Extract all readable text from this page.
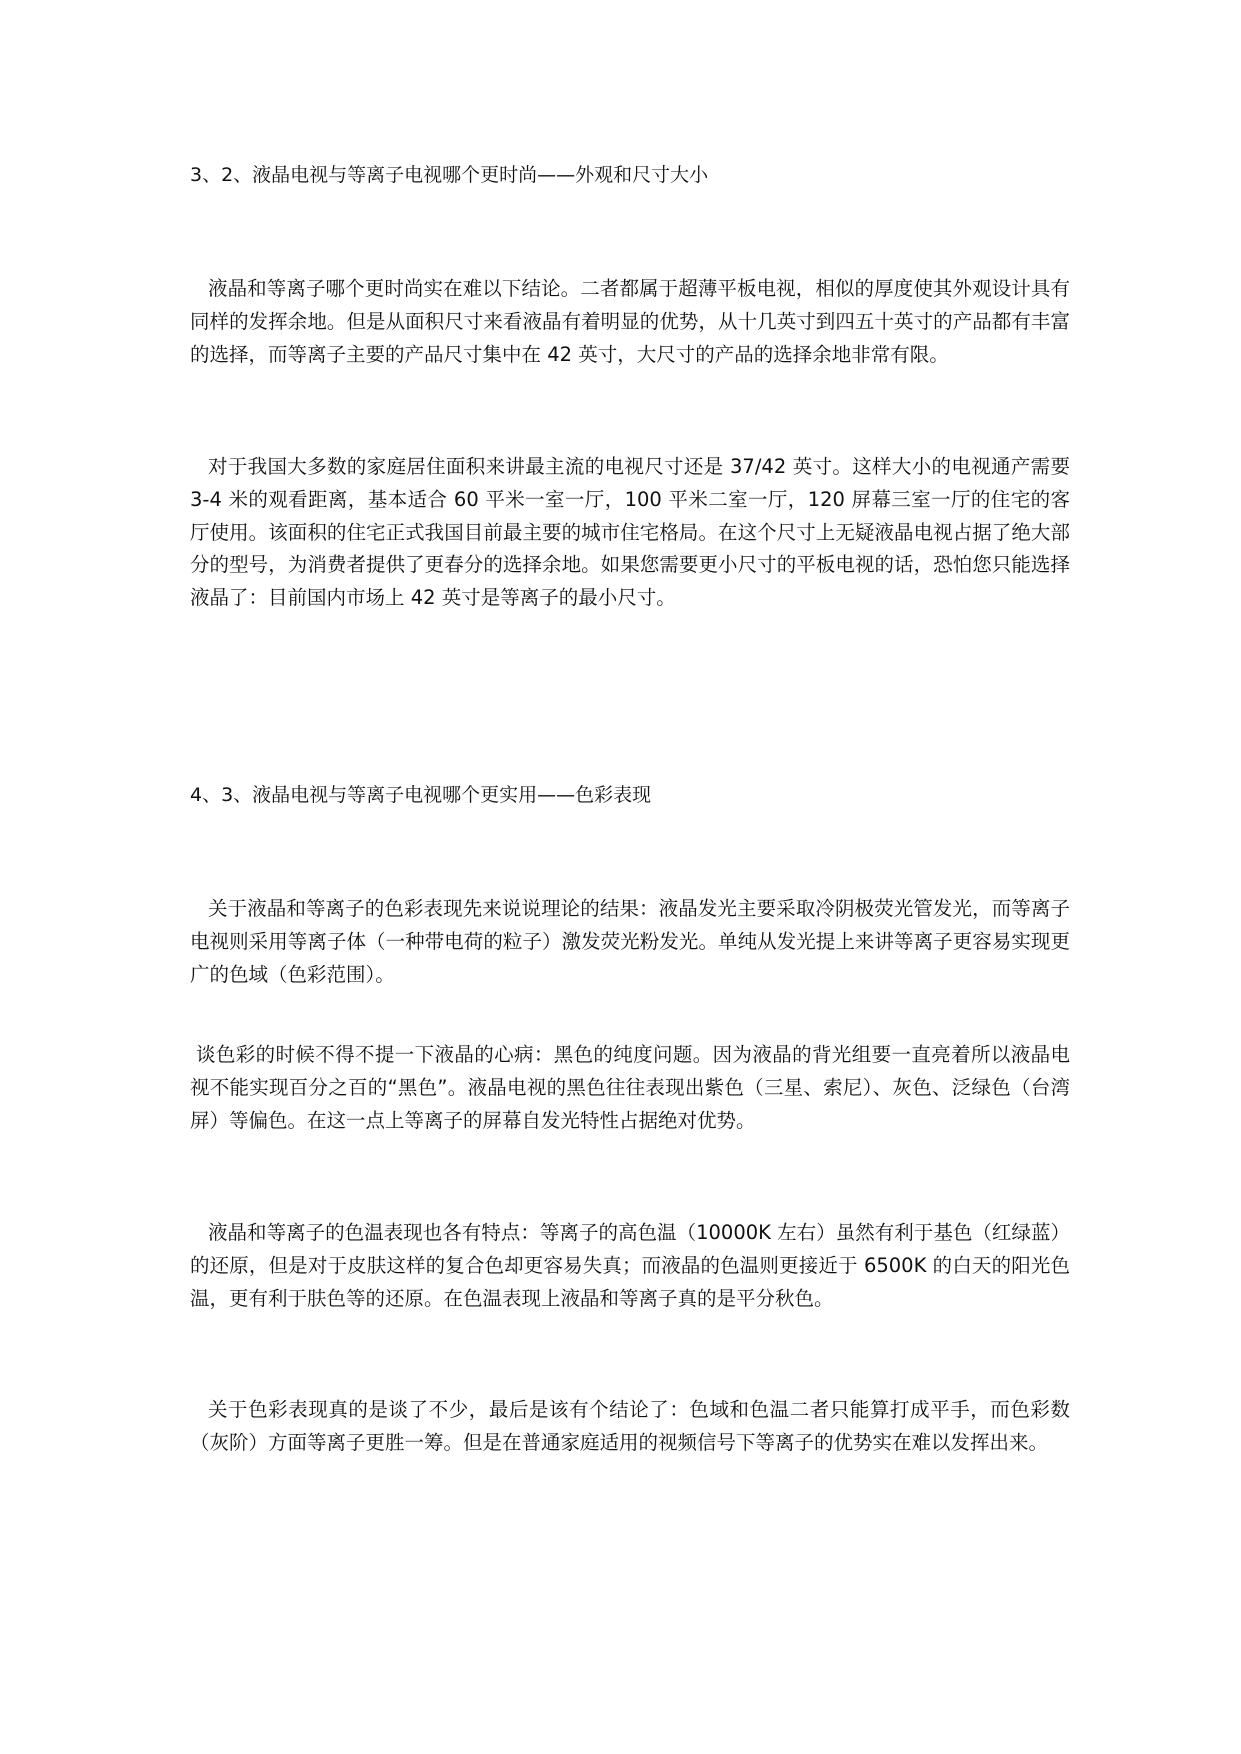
3、2、液晶电视与等离子电视哪个更时尚——外观和尺寸大小

液晶和等离子哪个更时尚实在难以下结论。二者都属于超薄平板电视，相似的厚度使其外观设计具有同样的发挥余地。但是从面积尺寸来看液晶有着明显的优势，从十几英寸到四五十英寸的产品都有丰富的选择，而等离子主要的产品尺寸集中在 42 英寸，大尺寸的产品的选择余地非常有限。

对于我国大多数的家庭居住面积来讲最主流的电视尺寸还是 37/42 英寸。这样大小的电视通产需要 3-4 米的观看距离，基本适合 60 平米一室一厅，100 平米二室一厅，120 屏幕三室一厅的住宅的客厅使用。该面积的住宅正式我国目前最主要的城市住宅格局。在这个尺寸上无疑液晶电视占据了绝大部分的型号，为消费者提供了更春分的选择余地。如果您需要更小尺寸的平板电视的话，恐怕您只能选择液晶了：目前国内市场上 42 英寸是等离子的最小尺寸。

4、3、液晶电视与等离子电视哪个更实用——色彩表现

关于液晶和等离子的色彩表现先来说说理论的结果：液晶发光主要采取冷阴极荧光管发光，而等离子电视则采用等离子体（一种带电荷的粒子）激发荧光粉发光。单纯从发光提上来讲等离子更容易实现更广的色域（色彩范围）。

谈色彩的时候不得不提一下液晶的心病：黑色的纯度问题。因为液晶的背光组要一直亮着所以液晶电视不能实现百分之百的“黑色”。液晶电视的黑色往往表现出紫色（三星、索尼）、灰色、泛绿色（台湾屏）等偏色。在这一点上等离子的屏幕自发光特性占据绝对优势。

液晶和等离子的色温表现也各有特点：等离子的高色温（10000K 左右）虽然有利于基色（红绿蓝）的还原，但是对于皮肤这样的复合色却更容易失真；而液晶的色温则更接近于 6500K 的白天的阳光色温，更有利于肤色等的还原。在色温表现上液晶和等离子真的是平分秋色。

关于色彩表现真的是谈了不少，最后是该有个结论了：色域和色温二者只能算打成平手，而色彩数（灰阶）方面等离子更胜一筹。但是在普通家庭适用的视频信号下等离子的优势实在难以发挥出来。
